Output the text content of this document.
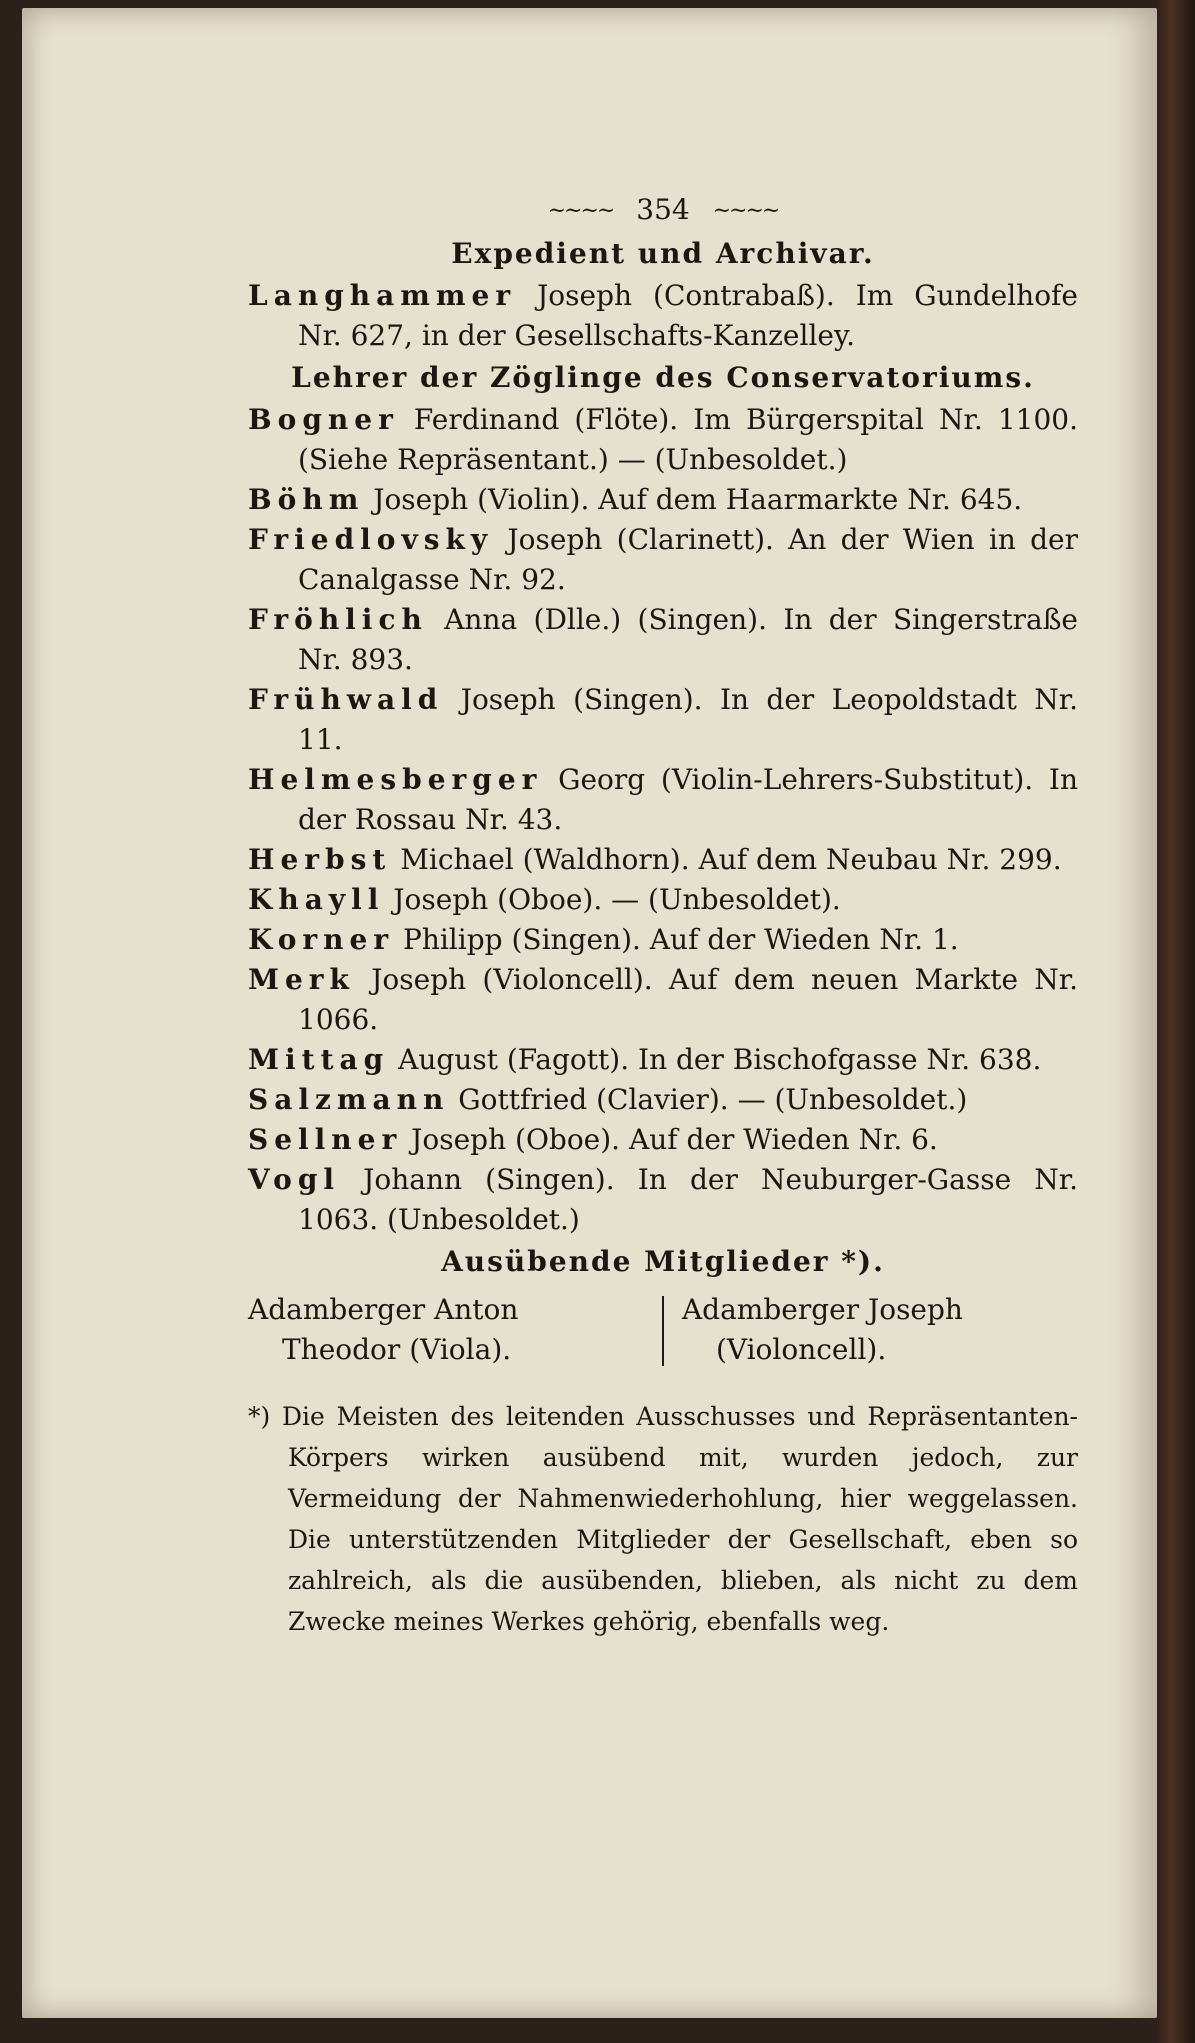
~~~~ 354 ~~~~
Expedient und Archivar.
Langhammer Joseph (Contrabaß). Im Gundelhofe Nr. 627, in der Gesellschafts-Kanzelley.
Lehrer der Zöglinge des Conservatoriums.
Bogner Ferdinand (Flöte). Im Bürgerspital Nr. 1100. (Siehe Repräsentant.) — (Unbesoldet.)
Böhm Joseph (Violin). Auf dem Haarmarkte Nr. 645.
Friedlovsky Joseph (Clarinett). An der Wien in der Canalgasse Nr. 92.
Fröhlich Anna (Dlle.) (Singen). In der Singerstraße Nr. 893.
Frühwald Joseph (Singen). In der Leopoldstadt Nr. 11.
Helmesberger Georg (Violin-Lehrers-Substitut). In der Rossau Nr. 43.
Herbst Michael (Waldhorn). Auf dem Neubau Nr. 299.
Khayll Joseph (Oboe). — (Unbesoldet).
Korner Philipp (Singen). Auf der Wieden Nr. 1.
Merk Joseph (Violoncell). Auf dem neuen Markte Nr. 1066.
Mittag August (Fagott). In der Bischofgasse Nr. 638.
Salzmann Gottfried (Clavier). — (Unbesoldet.)
Sellner Joseph (Oboe). Auf der Wieden Nr. 6.
Vogl Johann (Singen). In der Neuburger-Gasse Nr. 1063. (Unbesoldet.)
Ausübende Mitglieder *).
Adamberger Anton Theodor (Viola).
Adamberger Joseph (Violoncell).
*) Die Meisten des leitenden Ausschusses und Repräsentanten-Körpers wirken ausübend mit, wurden jedoch, zur Vermeidung der Nahmenwiederhohlung, hier weggelassen. Die unterstützenden Mitglieder der Gesellschaft, eben so zahlreich, als die ausübenden, blieben, als nicht zu dem Zwecke meines Werkes gehörig, ebenfalls weg.
